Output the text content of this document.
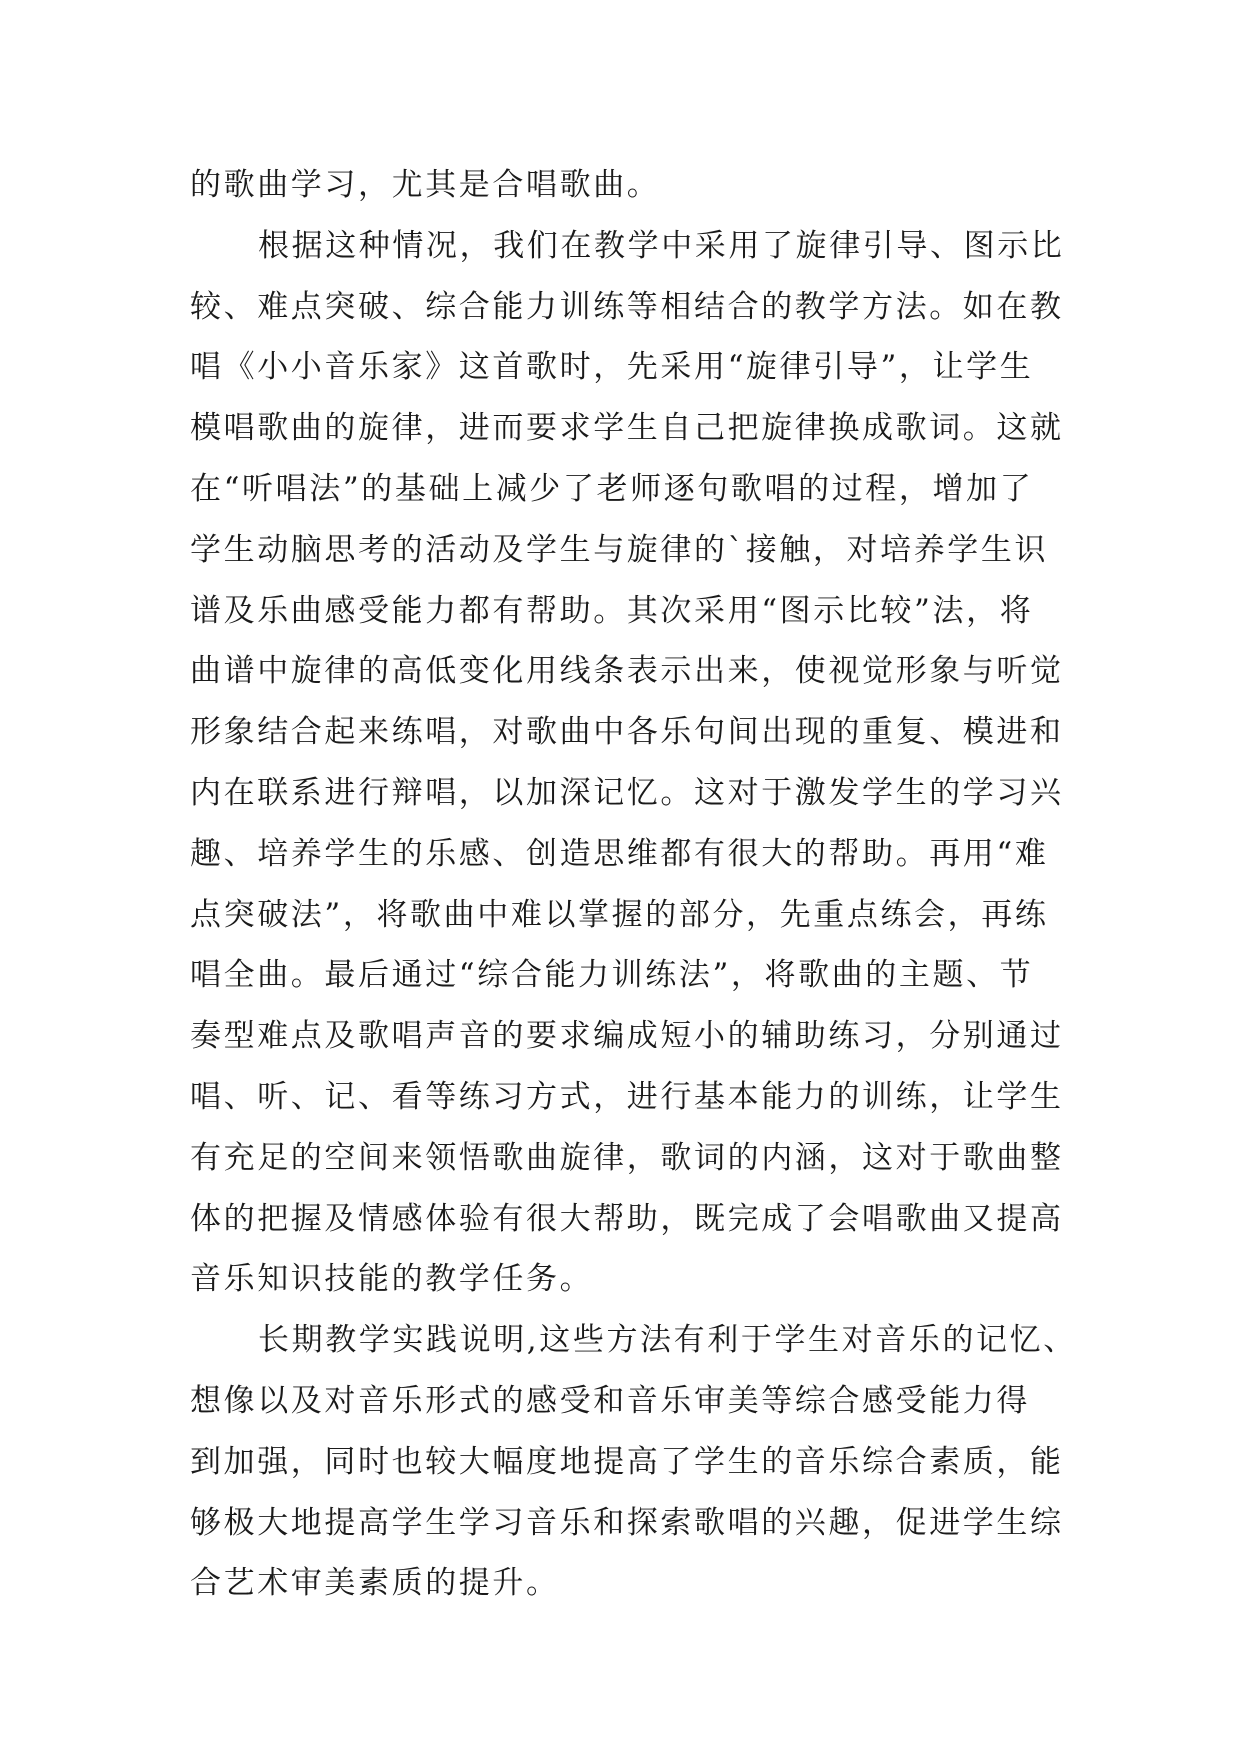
的歌曲学习，尤其是合唱歌曲。
根据这种情况，我们在教学中采用了旋律引导、图示比
较、难点突破、综合能力训练等相结合的教学方法。如在教
唱《小小音乐家》这首歌时，先采用“旋律引导”，让学生
模唱歌曲的旋律，进而要求学生自己把旋律换成歌词。这就
在“听唱法”的基础上减少了老师逐句歌唱的过程，增加了
学生动脑思考的活动及学生与旋律的`接触，对培养学生识
谱及乐曲感受能力都有帮助。其次采用“图示比较”法，将
曲谱中旋律的高低变化用线条表示出来，使视觉形象与听觉
形象结合起来练唱，对歌曲中各乐句间出现的重复、模进和
内在联系进行辩唱，以加深记忆。这对于激发学生的学习兴
趣、培养学生的乐感、创造思维都有很大的帮助。再用“难
点突破法”，将歌曲中难以掌握的部分，先重点练会，再练
唱全曲。最后通过“综合能力训练法”，将歌曲的主题、节
奏型难点及歌唱声音的要求编成短小的辅助练习，分别通过
唱、听、记、看等练习方式，进行基本能力的训练，让学生
有充足的空间来领悟歌曲旋律，歌词的内涵，这对于歌曲整
体的把握及情感体验有很大帮助，既完成了会唱歌曲又提高
音乐知识技能的教学任务。
长期教学实践说明,这些方法有利于学生对音乐的记忆、
想像以及对音乐形式的感受和音乐审美等综合感受能力得
到加强，同时也较大幅度地提高了学生的音乐综合素质，能
够极大地提高学生学习音乐和探索歌唱的兴趣，促进学生综
合艺术审美素质的提升。
